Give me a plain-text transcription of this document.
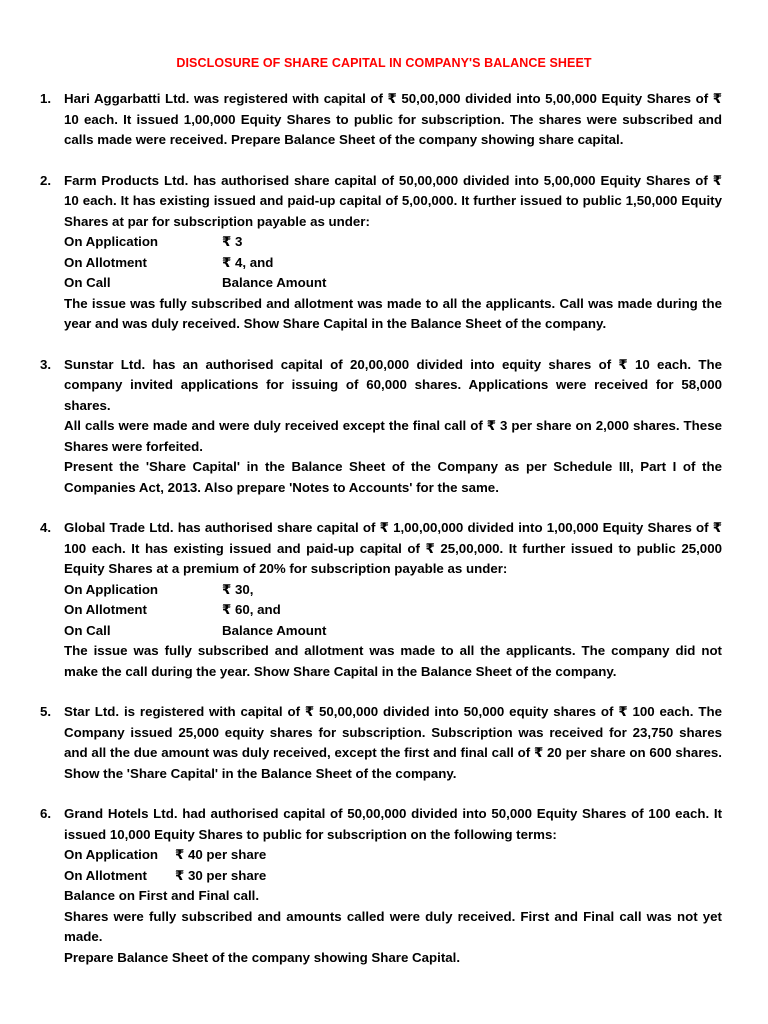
DISCLOSURE OF SHARE CAPITAL IN COMPANY'S BALANCE SHEET
1. Hari Aggarbatti Ltd. was registered with capital of ₹ 50,00,000 divided into 5,00,000 Equity Shares of ₹ 10 each. It issued 1,00,000 Equity Shares to public for subscription. The shares were subscribed and calls made were received. Prepare Balance Sheet of the company showing share capital.
2. Farm Products Ltd. has authorised share capital of 50,00,000 divided into 5,00,000 Equity Shares of ₹ 10 each. It has existing issued and paid-up capital of 5,00,000. It further issued to public 1,50,000 Equity Shares at par for subscription payable as under:
On Application	₹ 3
On Allotment	₹ 4, and
On Call	Balance Amount
The issue was fully subscribed and allotment was made to all the applicants. Call was made during the year and was duly received. Show Share Capital in the Balance Sheet of the company.
3. Sunstar Ltd. has an authorised capital of 20,00,000 divided into equity shares of ₹ 10 each. The company invited applications for issuing of 60,000 shares. Applications were received for 58,000 shares.
All calls were made and were duly received except the final call of ₹ 3 per share on 2,000 shares. These Shares were forfeited.
Present the 'Share Capital' in the Balance Sheet of the Company as per Schedule III, Part I of the Companies Act, 2013. Also prepare 'Notes to Accounts' for the same.
4. Global Trade Ltd. has authorised share capital of ₹ 1,00,00,000 divided into 1,00,000 Equity Shares of ₹ 100 each. It has existing issued and paid-up capital of ₹ 25,00,000. It further issued to public 25,000 Equity Shares at a premium of 20% for subscription payable as under:
On Application	₹ 30,
On Allotment	₹ 60, and
On Call	Balance Amount
The issue was fully subscribed and allotment was made to all the applicants. The company did not make the call during the year. Show Share Capital in the Balance Sheet of the company.
5. Star Ltd. is registered with capital of ₹ 50,00,000 divided into 50,000 equity shares of ₹ 100 each. The Company issued 25,000 equity shares for subscription. Subscription was received for 23,750 shares and all the due amount was duly received, except the first and final call of ₹ 20 per share on 600 shares. Show the 'Share Capital' in the Balance Sheet of the company.
6. Grand Hotels Ltd. had authorised capital of 50,00,000 divided into 50,000 Equity Shares of 100 each. It issued 10,000 Equity Shares to public for subscription on the following terms:
On Application	₹ 40 per share
On Allotment	₹ 30 per share
Balance on First and Final call.
Shares were fully subscribed and amounts called were duly received. First and Final call was not yet made.
Prepare Balance Sheet of the company showing Share Capital.
